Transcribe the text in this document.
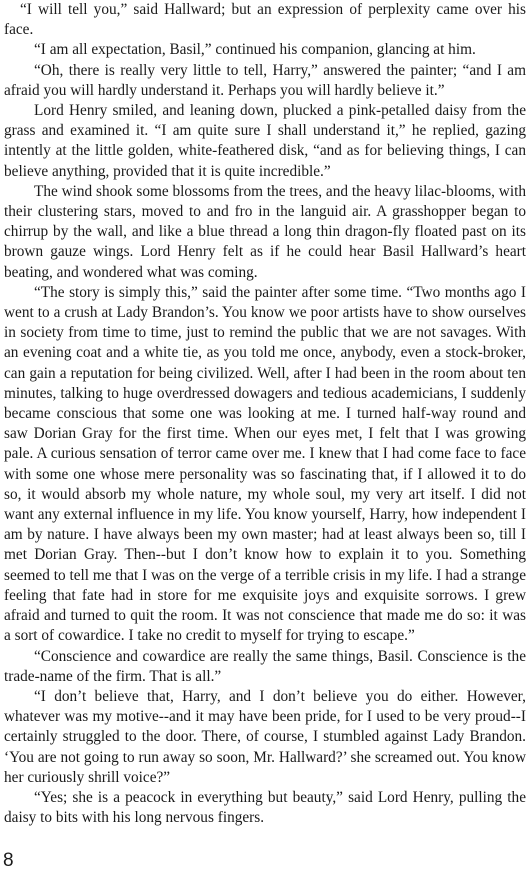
“I will tell you,” said Hallward; but an expression of perplexity came over his face.

“I am all expectation, Basil,” continued his companion, glancing at him.

“Oh, there is really very little to tell, Harry,” answered the painter; “and I am afraid you will hardly understand it. Perhaps you will hardly believe it.”

Lord Henry smiled, and leaning down, plucked a pink-petalled daisy from the grass and examined it. “I am quite sure I shall understand it,” he replied, gazing intently at the little golden, white-feathered disk, “and as for believing things, I can believe anything, provided that it is quite incredible.”

The wind shook some blossoms from the trees, and the heavy lilac-blooms, with their clustering stars, moved to and fro in the languid air. A grasshopper began to chirrup by the wall, and like a blue thread a long thin dragon-fly floated past on its brown gauze wings. Lord Henry felt as if he could hear Basil Hallward’s heart beating, and wondered what was coming.

“The story is simply this,” said the painter after some time. “Two months ago I went to a crush at Lady Brandon’s. You know we poor artists have to show ourselves in society from time to time, just to remind the public that we are not savages. With an evening coat and a white tie, as you told me once, anybody, even a stock-broker, can gain a reputation for being civilized. Well, after I had been in the room about ten minutes, talking to huge overdressed dowagers and tedious academicians, I suddenly became conscious that some one was looking at me. I turned half-way round and saw Dorian Gray for the first time. When our eyes met, I felt that I was growing pale. A curious sensation of terror came over me. I knew that I had come face to face with some one whose mere personality was so fascinating that, if I allowed it to do so, it would absorb my whole nature, my whole soul, my very art itself. I did not want any external influence in my life. You know yourself, Harry, how independent I am by nature. I have always been my own master; had at least always been so, till I met Dorian Gray. Then--but I don’t know how to explain it to you. Something seemed to tell me that I was on the verge of a terrible crisis in my life. I had a strange feeling that fate had in store for me exquisite joys and exquisite sorrows. I grew afraid and turned to quit the room. It was not conscience that made me do so: it was a sort of cowardice. I take no credit to myself for trying to escape.”

“Conscience and cowardice are really the same things, Basil. Conscience is the trade-name of the firm. That is all.”

“I don’t believe that, Harry, and I don’t believe you do either. However, whatever was my motive--and it may have been pride, for I used to be very proud--I certainly struggled to the door. There, of course, I stumbled against Lady Brandon. ‘You are not going to run away so soon, Mr. Hallward?’ she screamed out. You know her curiously shrill voice?”

“Yes; she is a peacock in everything but beauty,” said Lord Henry, pulling the daisy to bits with his long nervous fingers.

8
